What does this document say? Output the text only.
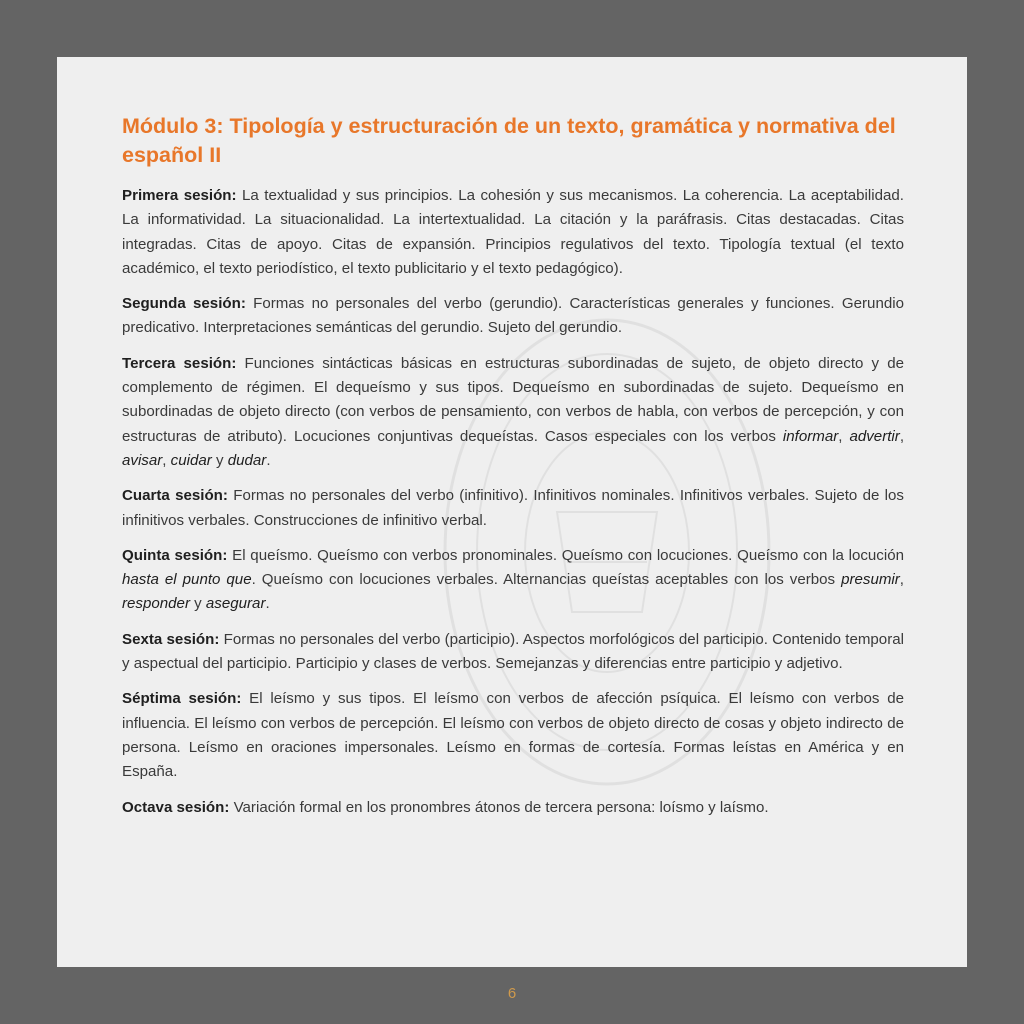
Módulo 3: Tipología y estructuración de un texto, gramática y normativa del español II

Primera sesión: La textualidad y sus principios. La cohesión y sus mecanismos. La coherencia. La aceptabilidad. La informatividad. La situacionalidad. La intertextualidad. La citación y la paráfrasis. Citas destacadas. Citas integradas. Citas de apoyo. Citas de expansión. Principios regulativos del texto. Tipología textual (el texto académico, el texto periodístico, el texto publicitario y el texto pedagógico).

Segunda sesión: Formas no personales del verbo (gerundio). Características generales y funciones. Gerundio predicativo. Interpretaciones semánticas del gerundio. Sujeto del gerundio.

Tercera sesión: Funciones sintácticas básicas en estructuras subordinadas de sujeto, de objeto directo y de complemento de régimen. El dequeísmo y sus tipos. Dequeísmo en subordinadas de sujeto. Dequeísmo en subordinadas de objeto directo (con verbos de pensamiento, con verbos de habla, con verbos de percepción, y con estructuras de atributo). Locuciones conjuntivas dequeístas. Casos especiales con los verbos informar, advertir, avisar, cuidar y dudar.

Cuarta sesión: Formas no personales del verbo (infinitivo). Infinitivos nominales. Infinitivos verbales. Sujeto de los infinitivos verbales. Construcciones de infinitivo verbal.

Quinta sesión: El queísmo. Queísmo con verbos pronominales. Queísmo con locuciones. Queísmo con la locución hasta el punto que. Queísmo con locuciones verbales. Alternancias queístas aceptables con los verbos presumir, responder y asegurar.

Sexta sesión: Formas no personales del verbo (participio). Aspectos morfológicos del participio. Contenido temporal y aspectual del participio. Participio y clases de verbos. Semejanzas y diferencias entre participio y adjetivo.

Séptima sesión: El leísmo y sus tipos. El leísmo con verbos de afección psíquica. El leísmo con verbos de influencia. El leísmo con verbos de percepción. El leísmo con verbos de objeto directo de cosas y objeto indirecto de persona. Leísmo en oraciones impersonales. Leísmo en formas de cortesía. Formas leístas en América y en España.

Octava sesión: Variación formal en los pronombres átonos de tercera persona: loísmo y laísmo.

6
